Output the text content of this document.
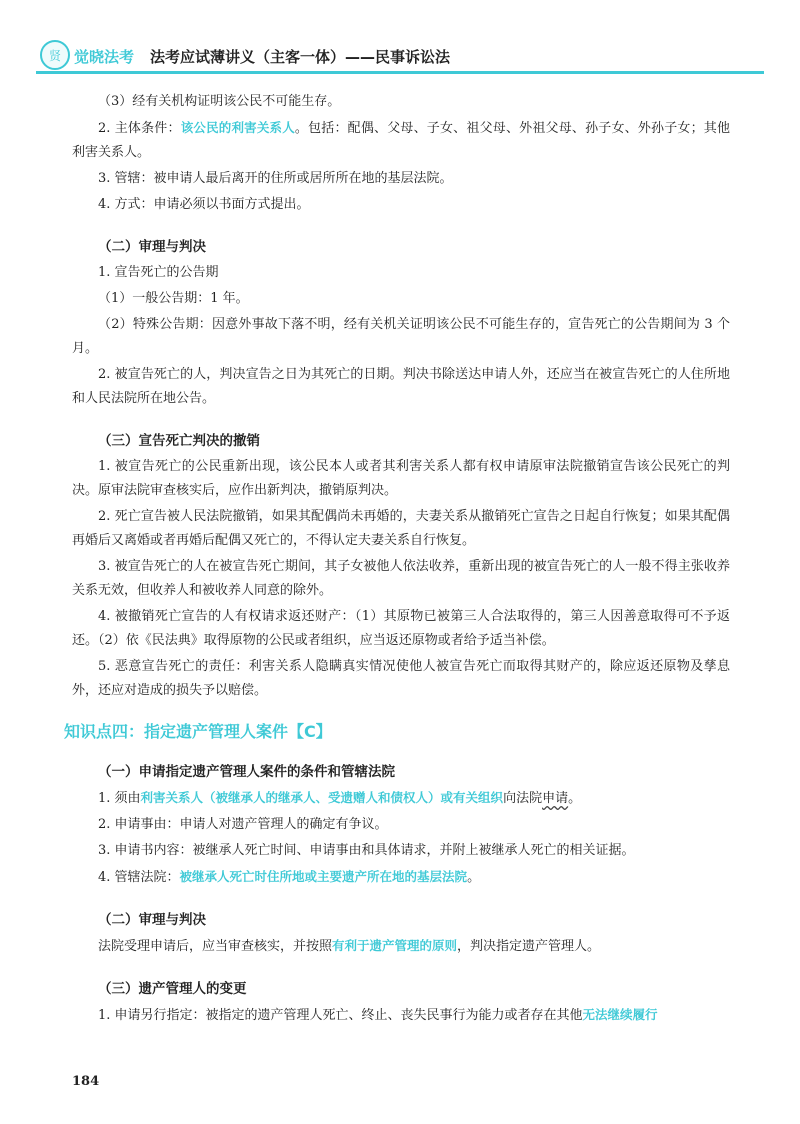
贤 觉晓法考 法考应试薄讲义（主客一体）——民事诉讼法

（3）经有关机构证明该公民不可能生存。

2. 主体条件：该公民的利害关系人。包括：配偶、父母、子女、祖父母、外祖父母、孙子女、外孙子女；其他利害关系人。

3. 管辖：被申请人最后离开的住所或居所所在地的基层法院。

4. 方式：申请必须以书面方式提出。

（二）审理与判决

1. 宣告死亡的公告期

（1）一般公告期：1 年。

（2）特殊公告期：因意外事故下落不明，经有关机关证明该公民不可能生存的，宣告死亡的公告期间为 3 个月。

2. 被宣告死亡的人，判决宣告之日为其死亡的日期。判决书除送达申请人外，还应当在被宣告死亡的人住所地和人民法院所在地公告。

（三）宣告死亡判决的撤销

1. 被宣告死亡的公民重新出现，该公民本人或者其利害关系人都有权申请原审法院撤销宣告该公民死亡的判决。原审法院审查核实后，应作出新判决，撤销原判决。

2. 死亡宣告被人民法院撤销，如果其配偶尚未再婚的，夫妻关系从撤销死亡宣告之日起自行恢复；如果其配偶再婚后又离婚或者再婚后配偶又死亡的，不得认定夫妻关系自行恢复。

3. 被宣告死亡的人在被宣告死亡期间，其子女被他人依法收养，重新出现的被宣告死亡的人一般不得主张收养关系无效，但收养人和被收养人同意的除外。

4. 被撤销死亡宣告的人有权请求返还财产：（1）其原物已被第三人合法取得的，第三人因善意取得可不予返还。（2）依《民法典》取得原物的公民或者组织，应当返还原物或者给予适当补偿。

5. 恶意宣告死亡的责任：利害关系人隐瞒真实情况使他人被宣告死亡而取得其财产的，除应返还原物及孳息外，还应对造成的损失予以赔偿。

知识点四：指定遗产管理人案件【C】
（一）申请指定遗产管理人案件的条件和管辖法院

1. 须由利害关系人（被继承人的继承人、受遗赠人和债权人）或有关组织向法院申请。

2. 申请事由：申请人对遗产管理人的确定有争议。

3. 申请书内容：被继承人死亡时间、申请事由和具体请求，并附上被继承人死亡的相关证据。

4. 管辖法院：被继承人死亡时住所地或主要遗产所在地的基层法院。

（二）审理与判决

法院受理申请后，应当审查核实，并按照有利于遗产管理的原则，判决指定遗产管理人。

（三）遗产管理人的变更

1. 申请另行指定：被指定的遗产管理人死亡、终止、丧失民事行为能力或者存在其他无法继续履行

184
